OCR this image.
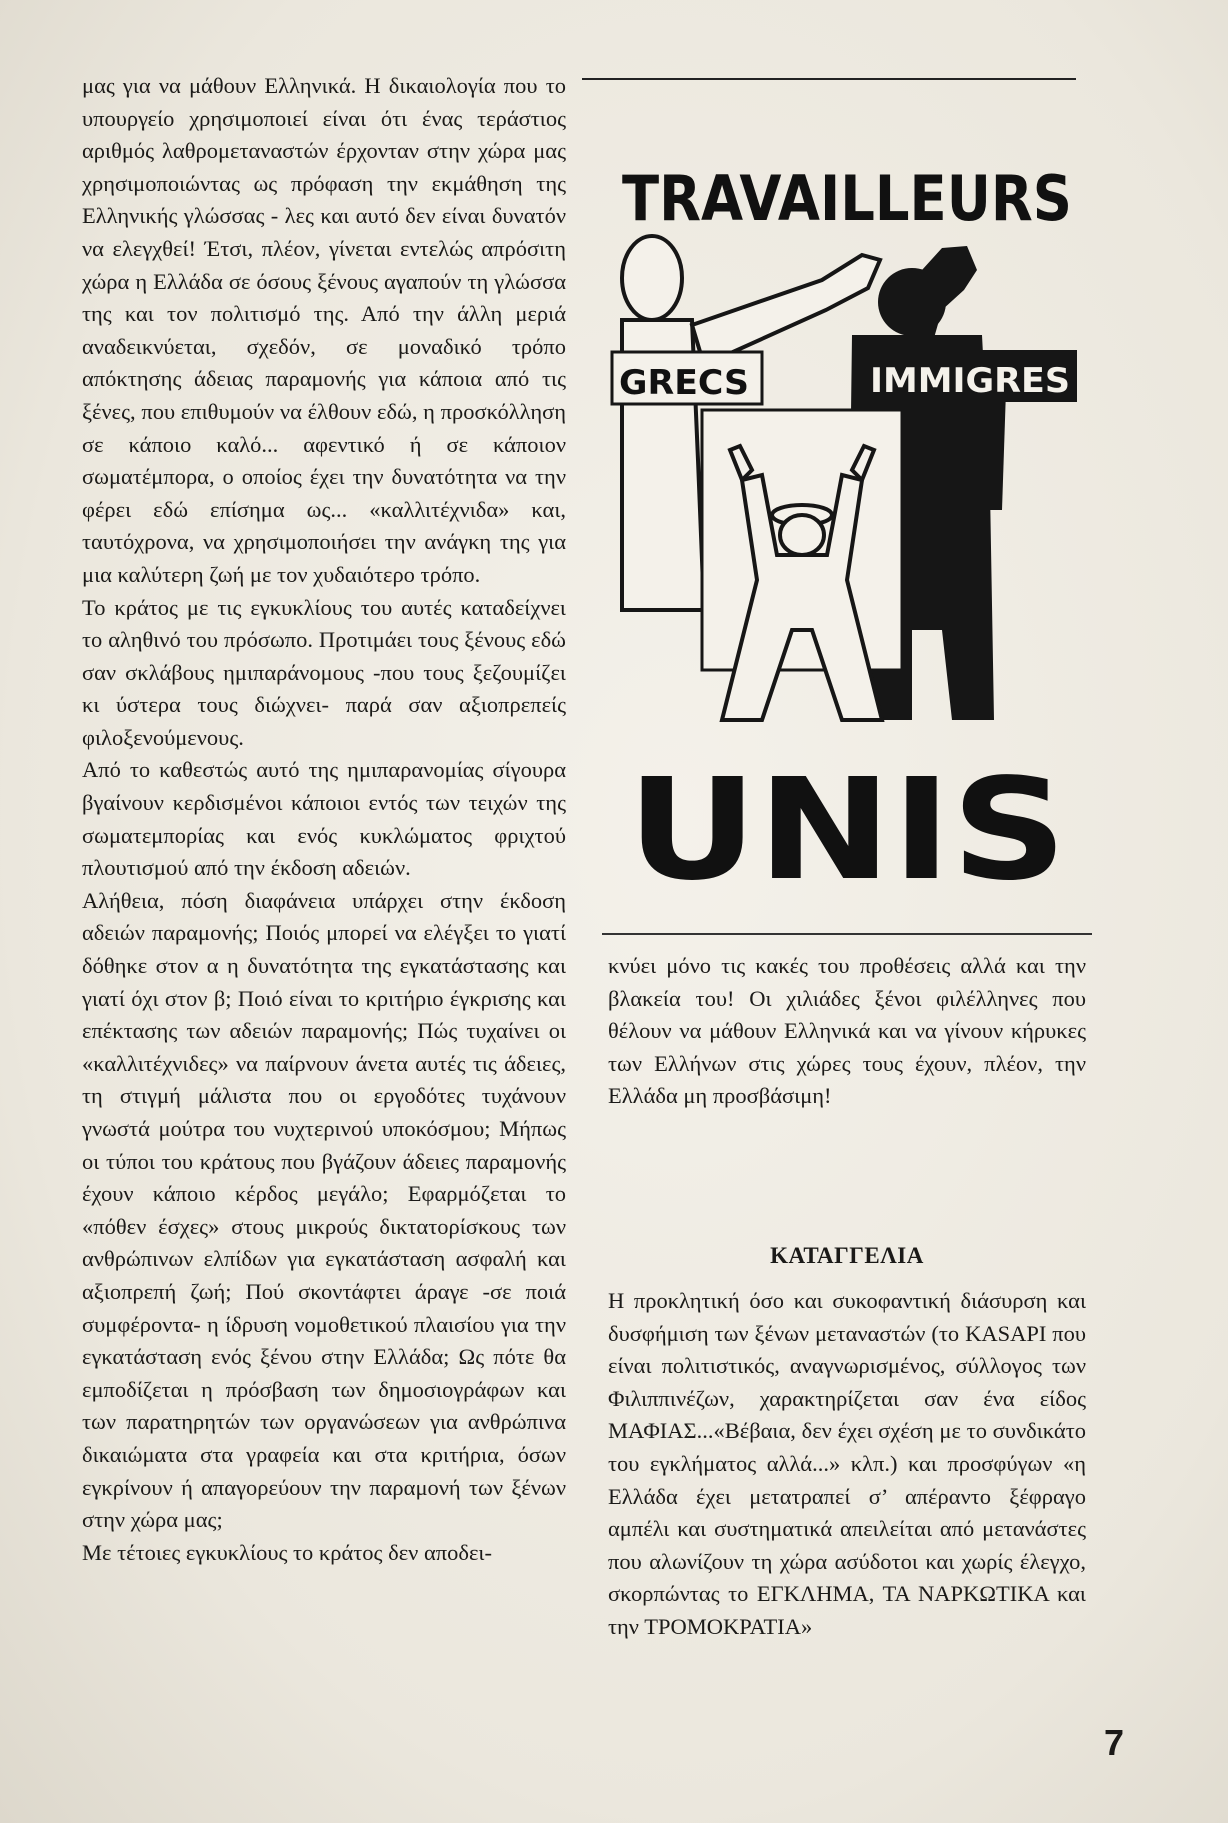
μας για να μάθουν Ελληνικά. Η δικαιολογία που το υπουργείο χρησιμοποιεί είναι ότι ένας τεράστιος αριθμός λαθρομεταναστών έρχονταν στην χώρα μας χρησιμοποιώντας ως πρόφαση την εκμάθηση της Ελληνικής γλώσσας - λες και αυτό δεν είναι δυνατόν να ελεγχθεί! Έτσι, πλέον, γίνεται εντελώς απρόσιτη χώρα η Ελλάδα σε όσους ξένους αγαπούν τη γλώσσα της και τον πολιτισμό της. Από την άλλη μεριά αναδεικνύεται, σχεδόν, σε μοναδικό τρόπο απόκτησης άδειας παραμονής για κάποια από τις ξένες, που επιθυμούν να έλθουν εδώ, η προσκόλληση σε κάποιο καλό... αφεντικό ή σε κάποιον σωματέμπορα, ο οποίος έχει την δυνατότητα να την φέρει εδώ επίσημα ως... «καλλιτέχνιδα» και, ταυτόχρονα, να χρησιμοποιήσει την ανάγκη της για μια καλύτερη ζωή με τον χυδαιότερο τρόπο.

Το κράτος με τις εγκυκλίους του αυτές καταδείχνει το αληθινό του πρόσωπο. Προτιμάει τους ξένους εδώ σαν σκλάβους ημιπαράνομους -που τους ξεζουμίζει κι ύστερα τους διώχνει- παρά σαν αξιοπρεπείς φιλοξενούμενους.

Από το καθεστώς αυτό της ημιπαρανομίας σίγουρα βγαίνουν κερδισμένοι κάποιοι εντός των τειχών της σωματεμπορίας και ενός κυκλώματος φριχτού πλουτισμού από την έκδοση αδειών.

Αλήθεια, πόση διαφάνεια υπάρχει στην έκδοση αδειών παραμονής; Ποιός μπορεί να ελέγξει το γιατί δόθηκε στον α η δυνατότητα της εγκατάστασης και γιατί όχι στον β; Ποιό είναι το κριτήριο έγκρισης και επέκτασης των αδειών παραμονής; Πώς τυχαίνει οι «καλλιτέχνιδες» να παίρνουν άνετα αυτές τις άδειες, τη στιγμή μάλιστα που οι εργοδότες τυχάνουν γνωστά μούτρα του νυχτερινού υποκόσμου; Μήπως οι τύποι του κράτους που βγάζουν άδειες παραμονής έχουν κάποιο κέρδος μεγάλο; Εφαρμόζεται το «πόθεν έσχες» στους μικρούς δικτατορίσκους των ανθρώπινων ελπίδων για εγκατάσταση ασφαλή και αξιοπρεπή ζωή; Πού σκοντάφτει άραγε -σε ποιά συμφέροντα- η ίδρυση νομοθετικού πλαισίου για την εγκατάσταση ενός ξένου στην Ελλάδα; Ως πότε θα εμποδίζεται η πρόσβαση των δημοσιογράφων και των παρατηρητών των οργανώσεων για ανθρώπινα δικαιώματα στα γραφεία και στα κριτήρια, όσων εγκρίνουν ή απαγορεύουν την παραμονή των ξένων στην χώρα μας;

Με τέτοιες εγκυκλίους το κράτος δεν αποδει-

TRAVAILLEURS
GRECS	IMMIGRES
UNIS

κνύει μόνο τις κακές του προθέσεις αλλά και την βλακεία του! Οι χιλιάδες ξένοι φιλέλληνες που θέλουν να μάθουν Ελληνικά και να γίνουν κήρυκες των Ελλήνων στις χώρες τους έχουν, πλέον, την Ελλάδα μη προσβάσιμη!

ΚΑΤΑΓΓΕΛΙΑ

Η προκλητική όσο και συκοφαντική διάσυρση και δυσφήμιση των ξένων μεταναστών (το KASAPI που είναι πολιτιστικός, αναγνωρισμένος, σύλλογος των Φιλιππινέζων, χαρακτηρίζεται σαν ένα είδος ΜΑΦΙΑΣ...«Βέβαια, δεν έχει σχέση με το συνδικάτο του εγκλήματος αλλά...» κλπ.) και προσφύγων «η Ελλάδα έχει μετατραπεί σ’ απέραντο ξέφραγο αμπέλι και συστηματικά απειλείται από μετανάστες που αλωνίζουν τη χώρα ασύδοτοι και χωρίς έλεγχο, σκορπώντας το ΕΓΚΛΗΜΑ, ΤΑ ΝΑΡΚΩΤΙΚΑ και την ΤΡΟΜΟΚΡΑΤΙΑ»

7
